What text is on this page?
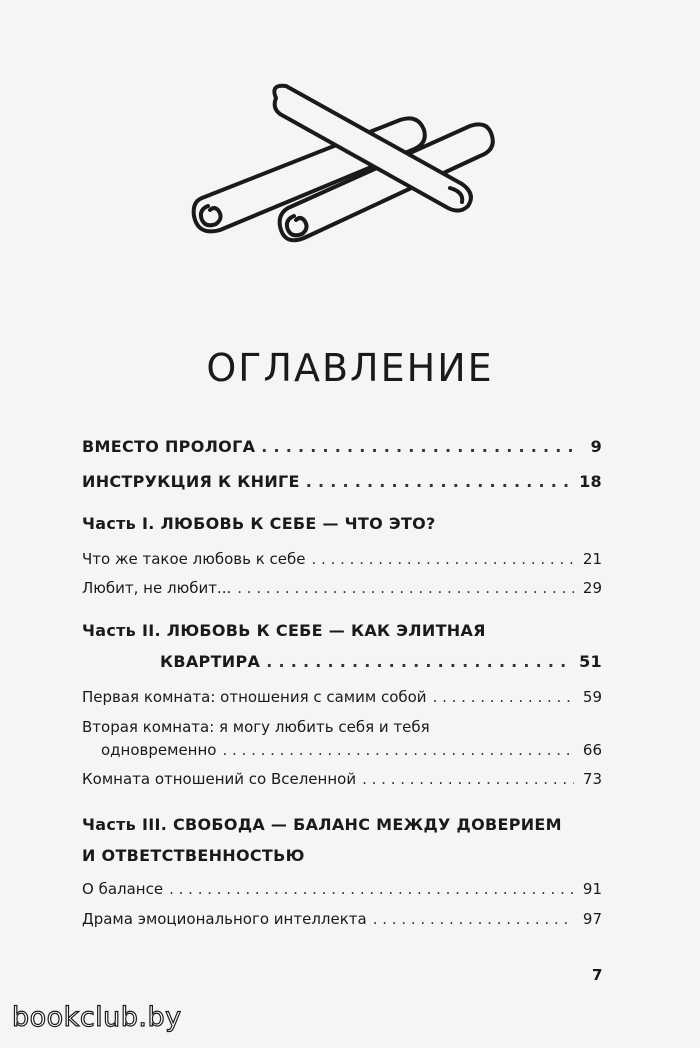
ОГЛАВЛЕНИЕ
ВМЕСТО ПРОЛОГА . . .	9
ИНСТРУКЦИЯ К КНИГЕ . . .	18
Часть I. ЛЮБОВЬ К СЕБЕ — ЧТО ЭТО?
Что же такое любовь к себе . . .	21
Любит, не любит... . . .	29
Часть II. ЛЮБОВЬ К СЕБЕ — КАК ЭЛИТНАЯ
КВАРТИРА . . .	51
Первая комната: отношения с самим собой . . .	59
Вторая комната: я могу любить себя и тебя
одновременно . . .	66
Комната отношений со Вселенной . . .	73
Часть III. СВОБОДА — БАЛАНС МЕЖДУ ДОВЕРИЕМ
И ОТВЕТСТВЕННОСТЬЮ
О балансе . . .	91
Драма эмоционального интеллекта . . .	97
7
bookclub.by
